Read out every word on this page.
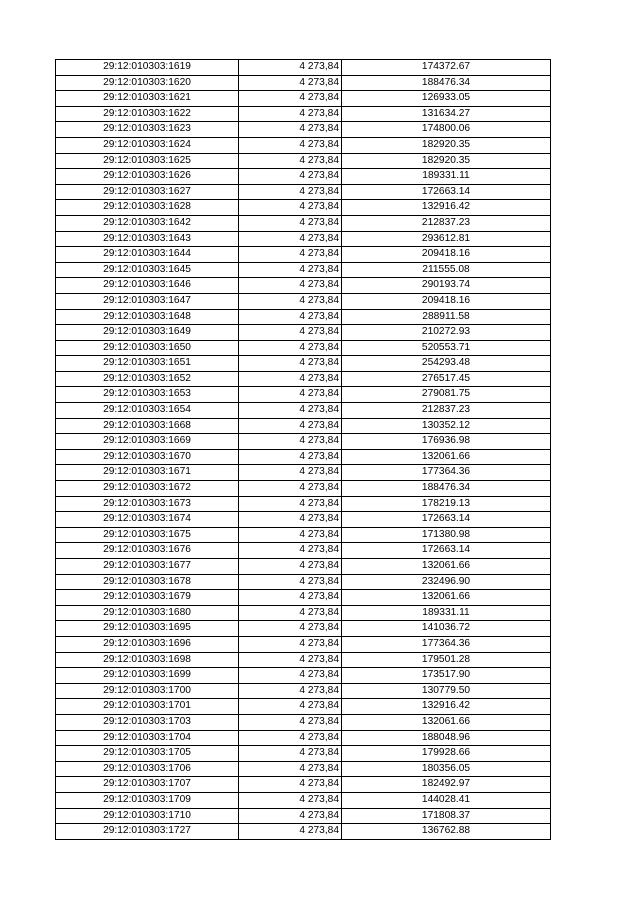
29:12:010303:1619	4 273,84	174372.67
29:12:010303:1620	4 273,84	188476.34
29:12:010303:1621	4 273,84	126933.05
29:12:010303:1622	4 273,84	131634.27
29:12:010303:1623	4 273,84	174800.06
29:12:010303:1624	4 273,84	182920.35
29:12:010303:1625	4 273,84	182920.35
29:12:010303:1626	4 273,84	189331.11
29:12:010303:1627	4 273,84	172663.14
29:12:010303:1628	4 273,84	132916.42
29:12:010303:1642	4 273,84	212837.23
29:12:010303:1643	4 273,84	293612.81
29:12:010303:1644	4 273,84	209418.16
29:12:010303:1645	4 273,84	211555.08
29:12:010303:1646	4 273,84	290193.74
29:12:010303:1647	4 273,84	209418.16
29:12:010303:1648	4 273,84	288911.58
29:12:010303:1649	4 273,84	210272.93
29:12:010303:1650	4 273,84	520553.71
29:12:010303:1651	4 273,84	254293.48
29:12:010303:1652	4 273,84	276517.45
29:12:010303:1653	4 273,84	279081.75
29:12:010303:1654	4 273,84	212837.23
29:12:010303:1668	4 273,84	130352.12
29:12:010303:1669	4 273,84	176936.98
29:12:010303:1670	4 273,84	132061.66
29:12:010303:1671	4 273,84	177364.36
29:12:010303:1672	4 273,84	188476.34
29:12:010303:1673	4 273,84	178219.13
29:12:010303:1674	4 273,84	172663.14
29:12:010303:1675	4 273,84	171380.98
29:12:010303:1676	4 273,84	172663.14
29:12:010303:1677	4 273,84	132061.66
29:12:010303:1678	4 273,84	232496.90
29:12:010303:1679	4 273,84	132061.66
29:12:010303:1680	4 273,84	189331.11
29:12:010303:1695	4 273,84	141036.72
29:12:010303:1696	4 273,84	177364.36
29:12:010303:1698	4 273,84	179501.28
29:12:010303:1699	4 273,84	173517.90
29:12:010303:1700	4 273,84	130779.50
29:12:010303:1701	4 273,84	132916.42
29:12:010303:1703	4 273,84	132061.66
29:12:010303:1704	4 273,84	188048.96
29:12:010303:1705	4 273,84	179928.66
29:12:010303:1706	4 273,84	180356.05
29:12:010303:1707	4 273,84	182492.97
29:12:010303:1709	4 273,84	144028.41
29:12:010303:1710	4 273,84	171808.37
29:12:010303:1727	4 273,84	136762.88
